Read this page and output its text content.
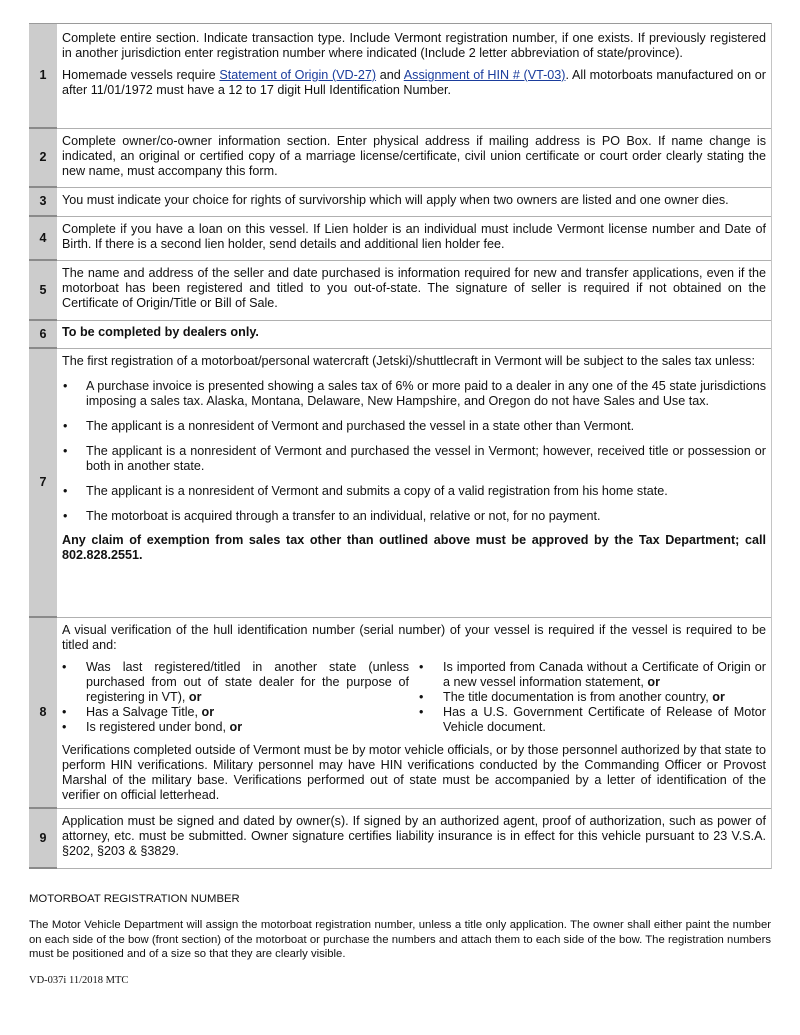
1

Complete entire section. Indicate transaction type. Include Vermont registration number, if one exists. If previously registered in another jurisdiction enter registration number where indicated (Include 2 letter abbreviation of state/province).

Homemade vessels require Statement of Origin (VD-27) and Assignment of HIN # (VT-03). All motorboats manufactured on or after 11/01/1972 must have a 12 to 17 digit Hull Identification Number.

2

Complete owner/co-owner information section. Enter physical address if mailing address is PO Box. If name change is indicated, an original or certified copy of a marriage license/certificate, civil union certificate or court order clearly stating the new name, must accompany this form.

3	You must indicate your choice for rights of survivorship which will apply when two owners are listed and one owner dies.

4

Complete if you have a loan on this vessel. If Lien holder is an individual must include Vermont license number and Date of Birth. If there is a second lien holder, send details and additional lien holder fee.

5

The name and address of the seller and date purchased is information required for new and transfer applications, even if the motorboat has been registered and titled to you out-of-state. The signature of seller is required if not obtained on the Certificate of Origin/Title or Bill of Sale.

6	To be completed by dealers only.

7

The first registration of a motorboat/personal watercraft (Jetski)/shuttlecraft in Vermont will be subject to the sales tax unless:

• A purchase invoice is presented showing a sales tax of 6% or more paid to a dealer in any one of the 45 state jurisdictions imposing a sales tax. Alaska, Montana, Delaware, New Hampshire, and Oregon do not have Sales and Use tax.
• The applicant is a nonresident of Vermont and purchased the vessel in a state other than Vermont.
• The applicant is a nonresident of Vermont and purchased the vessel in Vermont; however, received title or possession or both in another state.
• The applicant is a nonresident of Vermont and submits a copy of a valid registration from his home state.
• The motorboat is acquired through a transfer to an individual, relative or not, for no payment.

Any claim of exemption from sales tax other than outlined above must be approved by the Tax Department; call 802.828.2551.

8

A visual verification of the hull identification number (serial number) of your vessel is required if the vessel is required to be titled and:

• Was last registered/titled in another state (unless purchased from out of state dealer for the purpose of registering in VT), or
• Has a Salvage Title, or
• Is registered under bond, or
• Is imported from Canada without a Certificate of Origin or a new vessel information statement, or
• The title documentation is from another country, or
• Has a U.S. Government Certificate of Release of Motor Vehicle document.

Verifications completed outside of Vermont must be by motor vehicle officials, or by those personnel authorized by that state to perform HIN verifications. Military personnel may have HIN verifications conducted by the Commanding Officer or Provost Marshal of the military base. Verifications performed out of state must be accompanied by a letter of identification of the verifier on official letterhead.

9

Application must be signed and dated by owner(s). If signed by an authorized agent, proof of authorization, such as power of attorney, etc. must be submitted. Owner signature certifies liability insurance is in effect for this vehicle pursuant to 23 V.S.A. §202, §203 & §3829.

MOTORBOAT REGISTRATION NUMBER
The Motor Vehicle Department will assign the motorboat registration number, unless a title only application. The owner shall either paint the number on each side of the bow (front section) of the motorboat or purchase the numbers and attach them to each side of the bow. The registration numbers must be positioned and of a size so that they are clearly visible.
VD-037i 11/2018 MTC
